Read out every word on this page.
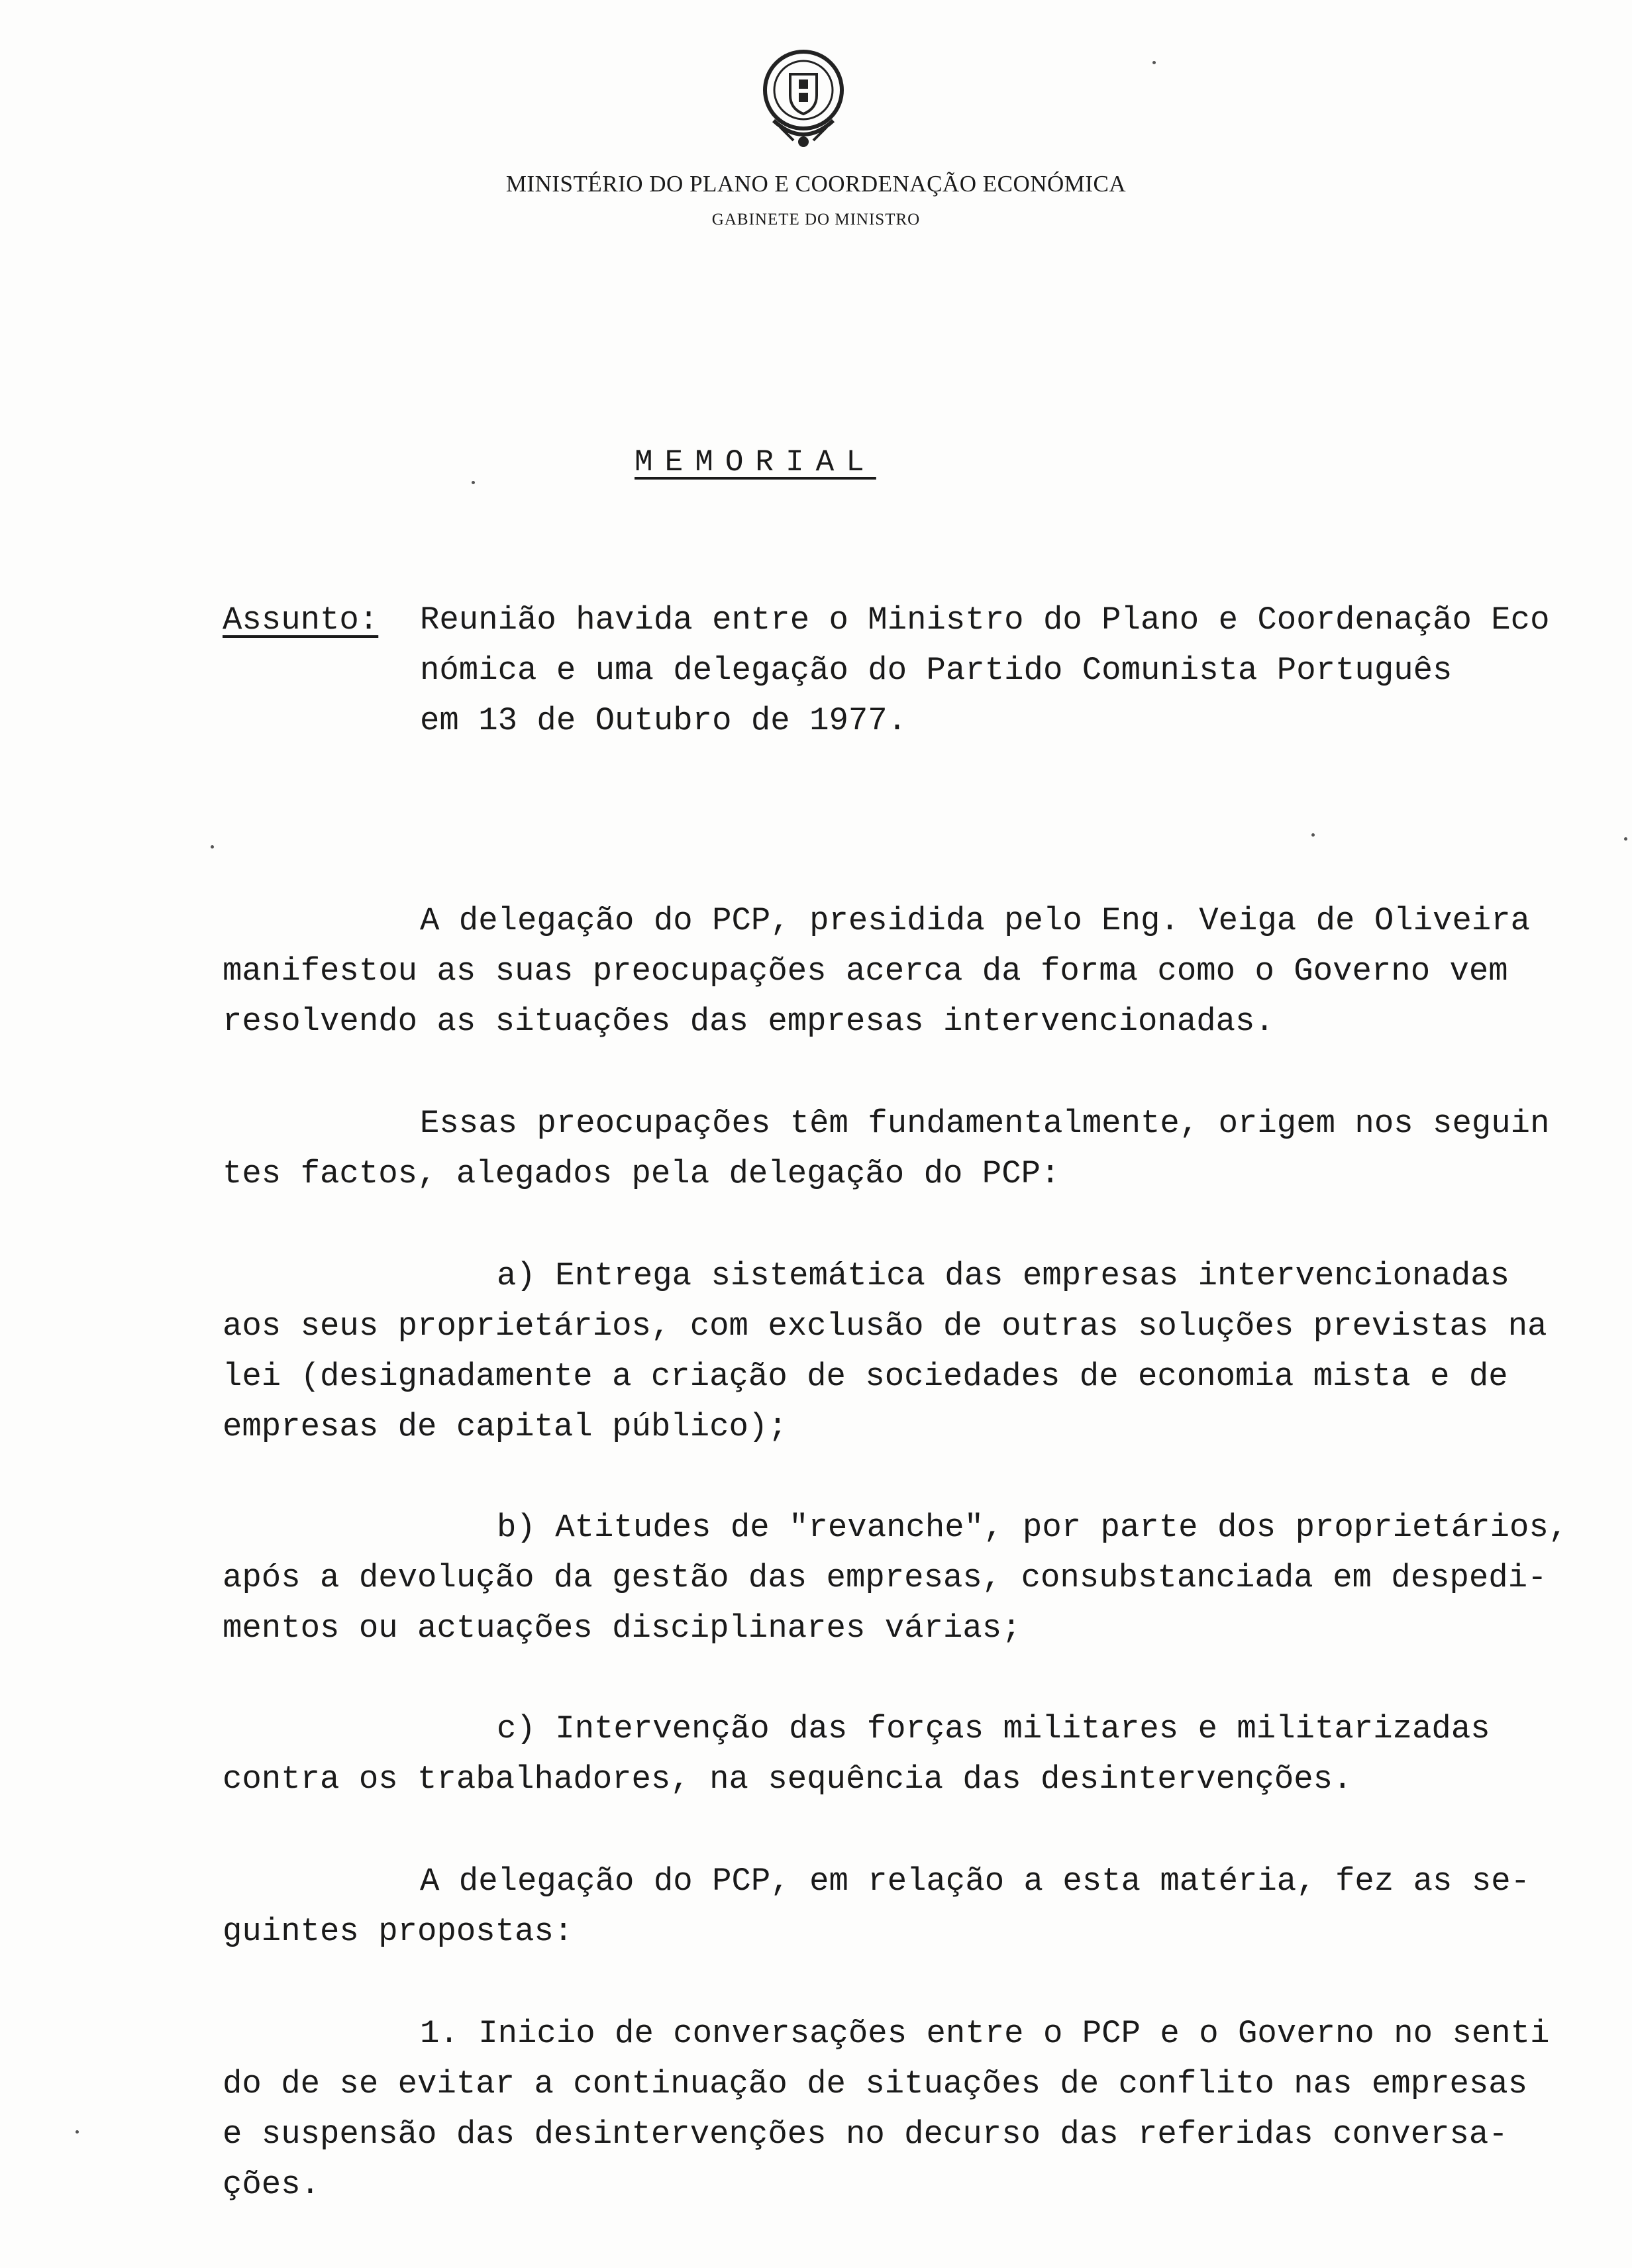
MINISTÉRIO DO PLANO E COORDENAÇÃO ECONÓMICA
GABINETE DO MINISTRO
MEMORIAL
Assunto: Reunião havida entre o Ministro do Plano e Coordenação Eco
nómica e uma delegação do Partido Comunista Português
em 13 de Outubro de 1977.
A delegação do PCP, presidida pelo Eng. Veiga de Oliveira
manifestou as suas preocupações acerca da forma como o Governo vem
resolvendo as situações das empresas intervencionadas.
Essas preocupações têm fundamentalmente, origem nos seguin
tes factos, alegados pela delegação do PCP:
a) Entrega sistemática das empresas intervencionadas
aos seus proprietários, com exclusão de outras soluções previstas na
lei (designadamente a criação de sociedades de economia mista e de
empresas de capital público);
b) Atitudes de "revanche", por parte dos proprietários,
após a devolução da gestão das empresas, consubstanciada em despedi-
mentos ou actuações disciplinares várias;
c) Intervenção das forças militares e militarizadas
contra os trabalhadores, na sequência das desintervenções.
A delegação do PCP, em relação a esta matéria, fez as se-
guintes propostas:
1. Inicio de conversações entre o PCP e o Governo no senti
do de se evitar a continuação de situações de conflito nas empresas
e suspensão das desintervenções no decurso das referidas conversa-
ções.
